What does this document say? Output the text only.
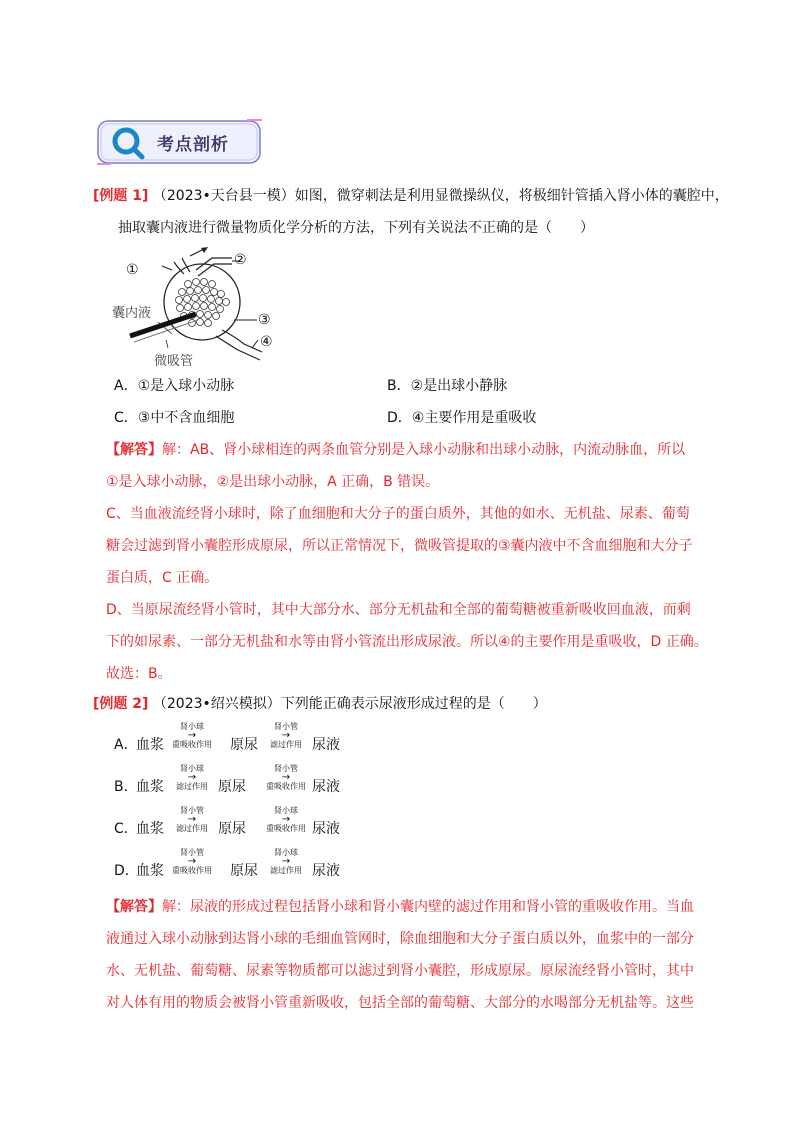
考点剖析
[例题 1] （2023•天台县一模）如图，微穿刺法是利用显微操纵仪，将极细针管插入肾小体的囊腔中，
抽取囊内液进行微量物质化学分析的方法，下列有关说法不正确的是（　　）
①
②
③
④
囊内液
微吸管
A．①是入球小动脉	B．②是出球小静脉
C．③中不含血细胞	D．④主要作用是重吸收
【解答】解：AB、肾小球相连的两条血管分别是入球小动脉和出球小动脉，内流动脉血，所以
①是入球小动脉，②是出球小动脉，A 正确，B 错误。
C、当血液流经肾小球时，除了血细胞和大分子的蛋白质外，其他的如水、无机盐、尿素、葡萄
糖会过滤到肾小囊腔形成原尿，所以正常情况下，微吸管提取的③囊内液中不含血细胞和大分子
蛋白质，C 正确。
D、当原尿流经肾小管时，其中大部分水、部分无机盐和全部的葡萄糖被重新吸收回血液，而剩
下的如尿素、一部分无机盐和水等由肾小管流出形成尿液。所以④的主要作用是重吸收，D 正确。
故选：B。
[例题 2] （2023•绍兴模拟）下列能正确表示尿液形成过程的是（　　）
A．
血浆
肾小球
→
重吸收作用	原尿
肾小管
→
滤过作用 尿液
B．
血浆
肾小球
→
滤过作用 原尿
肾小管
→
重吸收作用 尿液
C．
血浆
肾小管
→
滤过作用 原尿
肾小球
→
重吸收作用 尿液
D．
血浆
肾小管
→
重吸收作用	原尿
肾小球
→
滤过作用 尿液
【解答】解：尿液的形成过程包括肾小球和肾小囊内壁的滤过作用和肾小管的重吸收作用。当血
液通过入球小动脉到达肾小球的毛细血管网时，除血细胞和大分子蛋白质以外，血浆中的一部分
水、无机盐、葡萄糖、尿素等物质都可以滤过到肾小囊腔，形成原尿。原尿流经肾小管时，其中
对人体有用的物质会被肾小管重新吸收，包括全部的葡萄糖、大部分的水喝部分无机盐等。这些
